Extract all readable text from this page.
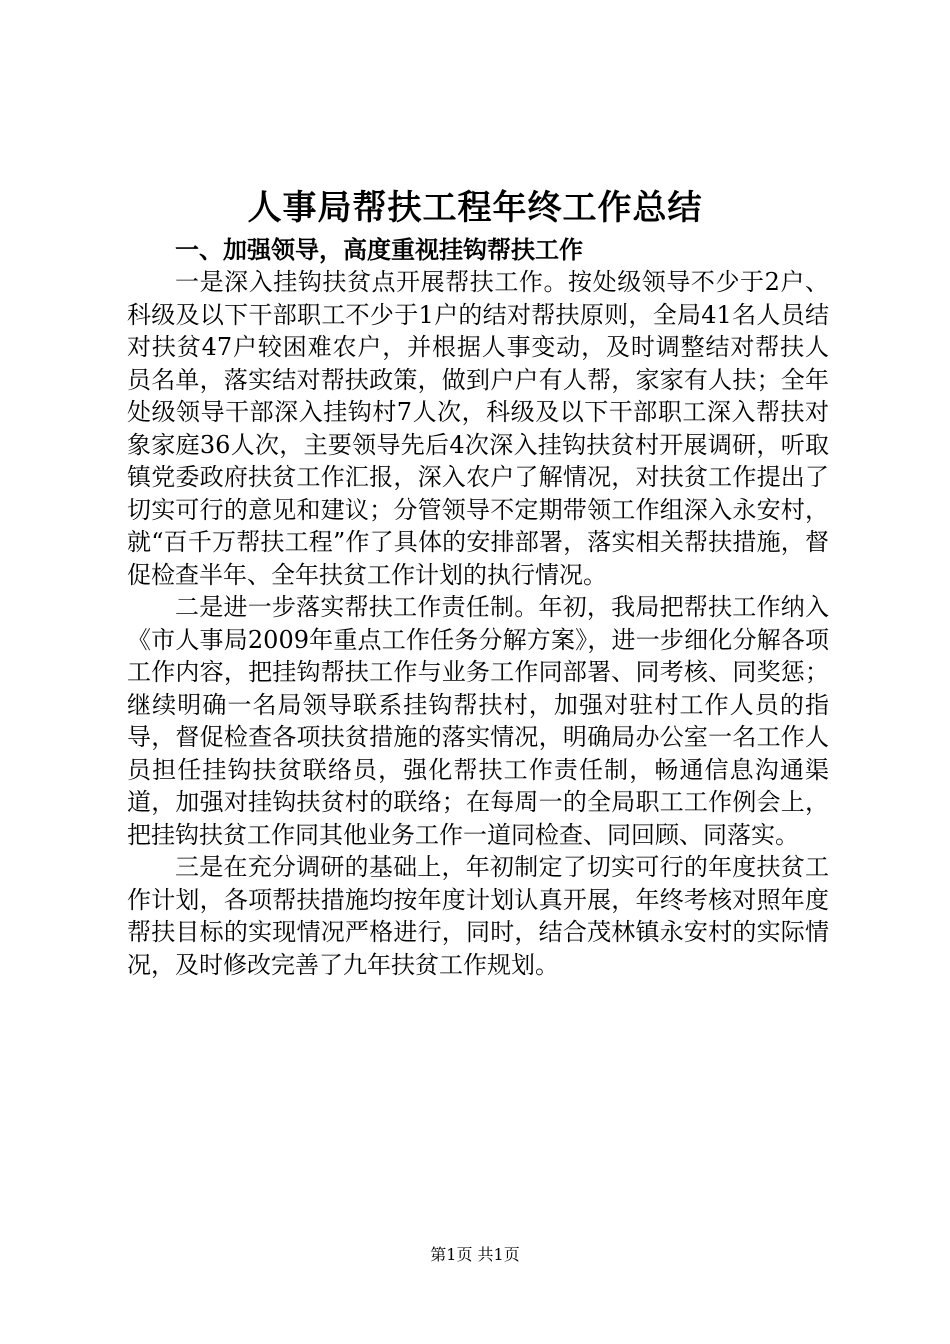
人事局帮扶工程年终工作总结

一、加强领导，高度重视挂钩帮扶工作

一是深入挂钩扶贫点开展帮扶工作。按处级领导不少于2户、科级及以下干部职工不少于1户的结对帮扶原则，全局41名人员结对扶贫47户较困难农户，并根据人事变动，及时调整结对帮扶人员名单，落实结对帮扶政策，做到户户有人帮，家家有人扶；全年处级领导干部深入挂钩村7人次，科级及以下干部职工深入帮扶对象家庭36人次，主要领导先后4次深入挂钩扶贫村开展调研，听取镇党委政府扶贫工作汇报，深入农户了解情况，对扶贫工作提出了切实可行的意见和建议；分管领导不定期带领工作组深入永安村，就“百千万帮扶工程”作了具体的安排部署，落实相关帮扶措施，督促检查半年、全年扶贫工作计划的执行情况。

二是进一步落实帮扶工作责任制。年初，我局把帮扶工作纳入《市人事局2009年重点工作任务分解方案》，进一步细化分解各项工作内容，把挂钩帮扶工作与业务工作同部署、同考核、同奖惩；继续明确一名局领导联系挂钩帮扶村，加强对驻村工作人员的指导，督促检查各项扶贫措施的落实情况，明确局办公室一名工作人员担任挂钩扶贫联络员，强化帮扶工作责任制，畅通信息沟通渠道，加强对挂钩扶贫村的联络；在每周一的全局职工工作例会上，把挂钩扶贫工作同其他业务工作一道同检查、同回顾、同落实。

三是在充分调研的基础上，年初制定了切实可行的年度扶贫工作计划，各项帮扶措施均按年度计划认真开展，年终考核对照年度帮扶目标的实现情况严格进行，同时，结合茂林镇永安村的实际情况，及时修改完善了九年扶贫工作规划。

第1页 共1页
